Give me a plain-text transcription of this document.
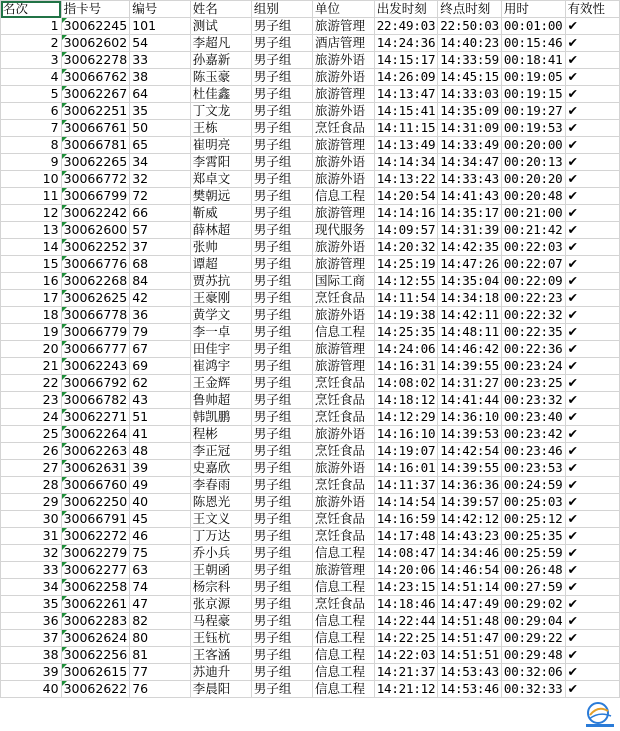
名次	指卡号	编号	姓名	组别	单位	出发时刻	终点时刻	用时	有效性
1	30062245	101	测试	男子组	旅游管理	22:49:03	22:50:03	00:01:00	✔
2	30062602	54	李超凡	男子组	酒店管理	14:24:36	14:40:23	00:15:46	✔
3	30062278	33	孙嘉新	男子组	旅游外语	14:15:17	14:33:59	00:18:41	✔
4	30066762	38	陈玉豪	男子组	旅游外语	14:26:09	14:45:15	00:19:05	✔
5	30062267	64	杜佳鑫	男子组	旅游管理	14:13:47	14:33:03	00:19:15	✔
6	30062251	35	丁文龙	男子组	旅游外语	14:15:41	14:35:09	00:19:27	✔
7	30066761	50	王栋	男子组	烹饪食品	14:11:15	14:31:09	00:19:53	✔
8	30066781	65	崔明亮	男子组	旅游管理	14:13:49	14:33:49	00:20:00	✔
9	30062265	34	李霄阳	男子组	旅游外语	14:14:34	14:34:47	00:20:13	✔
10	30066772	32	郑卓文	男子组	旅游外语	14:13:22	14:33:43	00:20:20	✔
11	30066799	72	樊朝远	男子组	信息工程	14:20:54	14:41:43	00:20:48	✔
12	30062242	66	靳威	男子组	旅游管理	14:14:16	14:35:17	00:21:00	✔
13	30062600	57	薛林超	男子组	现代服务	14:09:57	14:31:39	00:21:42	✔
14	30062252	37	张帅	男子组	旅游外语	14:20:32	14:42:35	00:22:03	✔
15	30066776	68	谭超	男子组	旅游管理	14:25:19	14:47:26	00:22:07	✔
16	30062268	84	贾苏抗	男子组	国际工商	14:12:55	14:35:04	00:22:09	✔
17	30062625	42	王豪刚	男子组	烹饪食品	14:11:54	14:34:18	00:22:23	✔
18	30066778	36	黄学文	男子组	旅游外语	14:19:38	14:42:11	00:22:32	✔
19	30066779	79	李一卓	男子组	信息工程	14:25:35	14:48:11	00:22:35	✔
20	30066777	67	田佳宇	男子组	旅游管理	14:24:06	14:46:42	00:22:36	✔
21	30062243	69	崔鸿宇	男子组	旅游管理	14:16:31	14:39:55	00:23:24	✔
22	30066792	62	王金辉	男子组	烹饪食品	14:08:02	14:31:27	00:23:25	✔
23	30066782	43	鲁帅超	男子组	烹饪食品	14:18:12	14:41:44	00:23:32	✔
24	30062271	51	韩凯鹏	男子组	烹饪食品	14:12:29	14:36:10	00:23:40	✔
25	30062264	41	程彬	男子组	旅游外语	14:16:10	14:39:53	00:23:42	✔
26	30062263	48	李正冠	男子组	烹饪食品	14:19:07	14:42:54	00:23:46	✔
27	30062631	39	史嘉欣	男子组	旅游外语	14:16:01	14:39:55	00:23:53	✔
28	30066760	49	李春雨	男子组	烹饪食品	14:11:37	14:36:36	00:24:59	✔
29	30062250	40	陈恩光	男子组	旅游外语	14:14:54	14:39:57	00:25:03	✔
30	30066791	45	王文义	男子组	烹饪食品	14:16:59	14:42:12	00:25:12	✔
31	30062272	46	丁万达	男子组	烹饪食品	14:17:48	14:43:23	00:25:35	✔
32	30062279	75	乔小兵	男子组	信息工程	14:08:47	14:34:46	00:25:59	✔
33	30062277	63	王朝函	男子组	旅游管理	14:20:06	14:46:54	00:26:48	✔
34	30062258	74	杨宗科	男子组	信息工程	14:23:15	14:51:14	00:27:59	✔
35	30062261	47	张京源	男子组	烹饪食品	14:18:46	14:47:49	00:29:02	✔
36	30062283	82	马程豪	男子组	信息工程	14:22:44	14:51:48	00:29:04	✔
37	30062624	80	王钰杭	男子组	信息工程	14:22:25	14:51:47	00:29:22	✔
38	30062256	81	王客涵	男子组	信息工程	14:22:03	14:51:51	00:29:48	✔
39	30062615	77	苏迪升	男子组	信息工程	14:21:37	14:53:43	00:32:06	✔
40	30062622	76	李晨阳	男子组	信息工程	14:21:12	14:53:46	00:32:33	✔
